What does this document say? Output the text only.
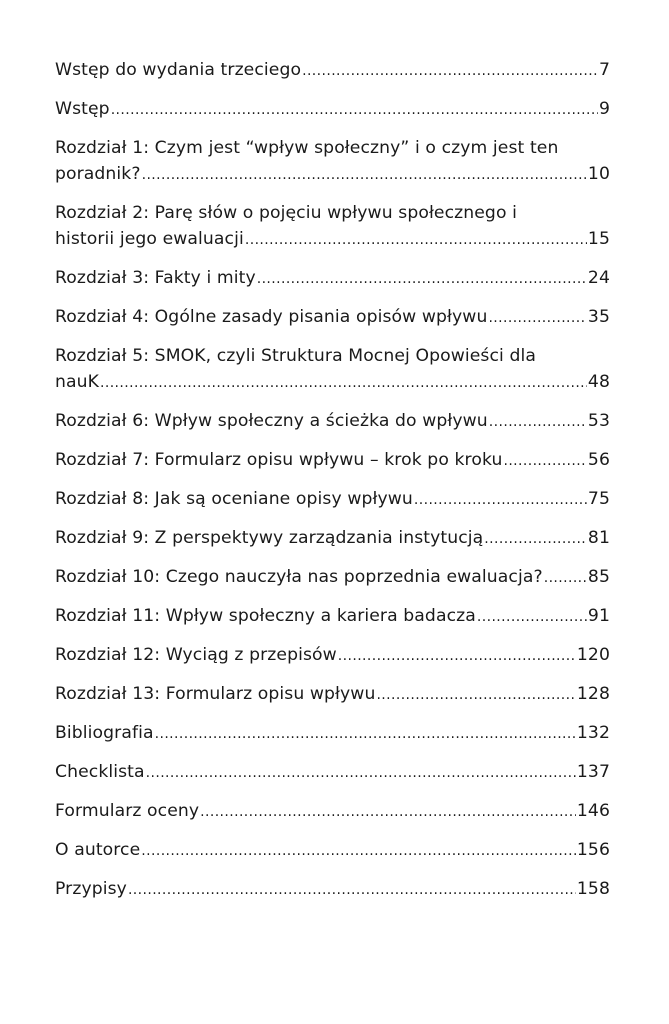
Wstęp do wydania trzeciego .....	7
Wstęp .....	9
Rozdział 1: Czym jest “wpływ społeczny” i o czym jest ten
poradnik? .....	10
Rozdział 2: Parę słów o pojęciu wpływu społecznego i
historii jego ewaluacji .....	15
Rozdział 3: Fakty i mity .....	24
Rozdział 4: Ogólne zasady pisania opisów wpływu .....	35
Rozdział 5: SMOK, czyli Struktura Mocnej Opowieści dla
nauK .....	48
Rozdział 6: Wpływ społeczny a ścieżka do wpływu .....	53
Rozdział 7: Formularz opisu wpływu – krok po kroku .....	56
Rozdział 8: Jak są oceniane opisy wpływu .....	75
Rozdział 9: Z perspektywy zarządzania instytucją .....	81
Rozdział 10: Czego nauczyła nas poprzednia ewaluacja? .....	85
Rozdział 11: Wpływ społeczny a kariera badacza .....	91
Rozdział 12: Wyciąg z przepisów .....	120
Rozdział 13: Formularz opisu wpływu .....	128
Bibliografia .....	132
Checklista .....	137
Formularz oceny .....	146
O autorce .....	156
Przypisy .....	158
